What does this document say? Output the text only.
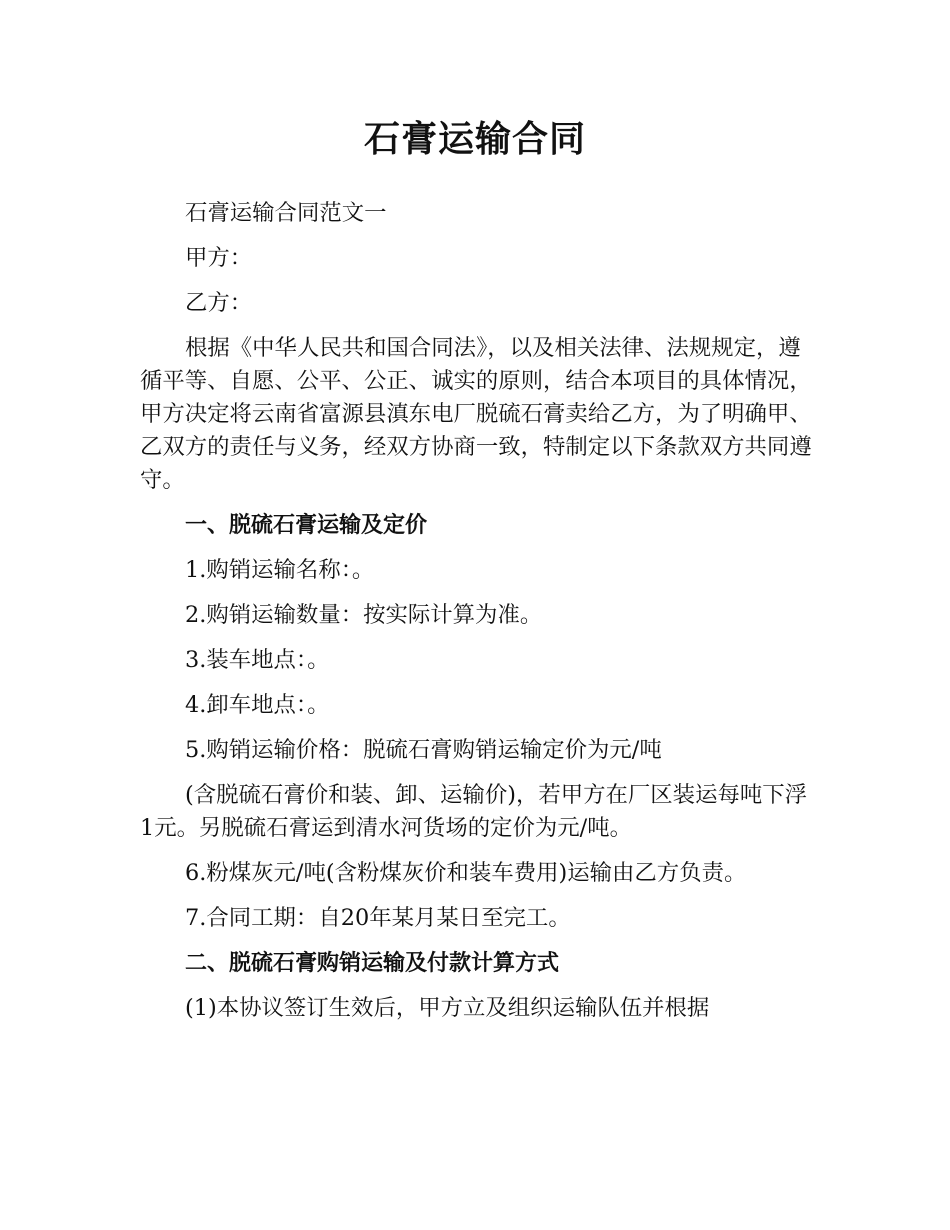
石膏运输合同

石膏运输合同范文一

甲方：

乙方：

根据《中华人民共和国合同法》，以及相关法律、法规规定，遵循平等、自愿、公平、公正、诚实的原则，结合本项目的具体情况，甲方决定将云南省富源县滇东电厂脱硫石膏卖给乙方，为了明确甲、乙双方的责任与义务，经双方协商一致，特制定以下条款双方共同遵守。

一、脱硫石膏运输及定价

1.购销运输名称：。

2.购销运输数量：按实际计算为准。

3.装车地点：。

4.卸车地点：。

5.购销运输价格：脱硫石膏购销运输定价为元/吨

(含脱硫石膏价和装、卸、运输价)，若甲方在厂区装运每吨下浮1元。另脱硫石膏运到清水河货场的定价为元/吨。

6.粉煤灰元/吨(含粉煤灰价和装车费用)运输由乙方负责。

7.合同工期：自20年某月某日至完工。

二、脱硫石膏购销运输及付款计算方式

(1)本协议签订生效后，甲方立及组织运输队伍并根据
